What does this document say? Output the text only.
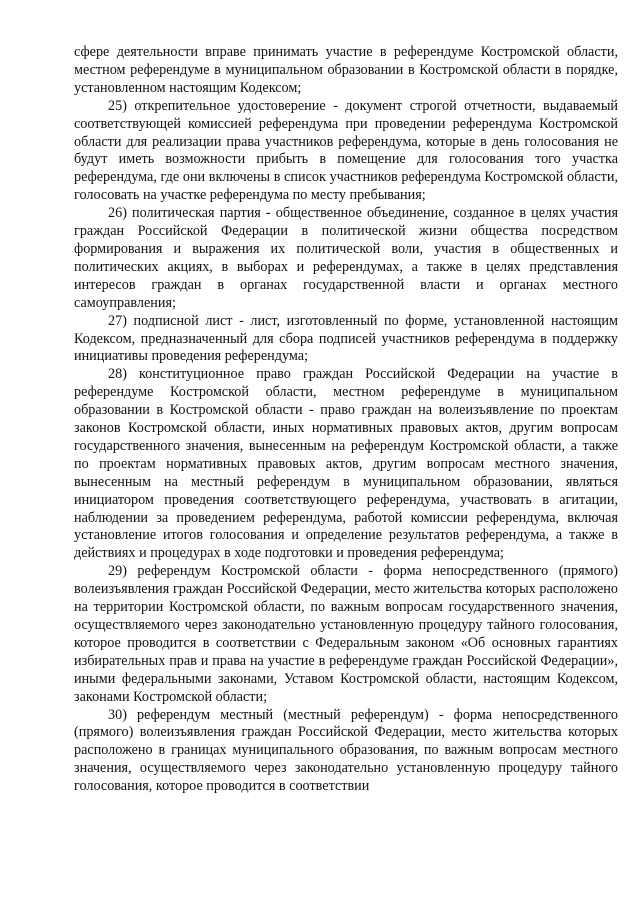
сфере деятельности вправе принимать участие в референдуме Костромской области, местном референдуме в муниципальном образовании в Костромской области в порядке, установленном настоящим Кодексом;

25) открепительное удостоверение - документ строгой отчетности, выдаваемый соответствующей комиссией референдума при проведении референдума Костромской области для реализации права участников референдума, которые в день голосования не будут иметь возможности прибыть в помещение для голосования того участка референдума, где они включены в список участников референдума Костромской области, голосовать на участке референдума по месту пребывания;

26) политическая партия - общественное объединение, созданное в целях участия граждан Российской Федерации в политической жизни общества посредством формирования и выражения их политической воли, участия в общественных и политических акциях, в выборах и референдумах, а также в целях представления интересов граждан в органах государственной власти и органах местного самоуправления;

27) подписной лист - лист, изготовленный по форме, установленной настоящим Кодексом, предназначенный для сбора подписей участников референдума в поддержку инициативы проведения референдума;

28) конституционное право граждан Российской Федерации на участие в референдуме Костромской области, местном референдуме в муниципальном образовании в Костромской области - право граждан на волеизъявление по проектам законов Костромской области, иных нормативных правовых актов, другим вопросам государственного значения, вынесенным на референдум Костромской области, а также по проектам нормативных правовых актов, другим вопросам местного значения, вынесенным на местный референдум в муниципальном образовании, являться инициатором проведения соответствующего референдума, участвовать в агитации, наблюдении за проведением референдума, работой комиссии референдума, включая установление итогов голосования и определение результатов референдума, а также в действиях и процедурах в ходе подготовки и проведения референдума;

29) референдум Костромской области - форма непосредственного (прямого) волеизъявления граждан Российской Федерации, место жительства которых расположено на территории Костромской области, по важным вопросам государственного значения, осуществляемого через законодательно установленную процедуру тайного голосования, которое проводится в соответствии с Федеральным законом «Об основных гарантиях избирательных прав и права на участие в референдуме граждан Российской Федерации», иными федеральными законами, Уставом Костромской области, настоящим Кодексом, законами Костромской области;

30) референдум местный (местный референдум) - форма непосредственного (прямого) волеизъявления граждан Российской Федерации, место жительства которых расположено в границах муниципального образования, по важным вопросам местного значения, осуществляемого через законодательно установленную процедуру тайного голосования, которое проводится в соответствии
